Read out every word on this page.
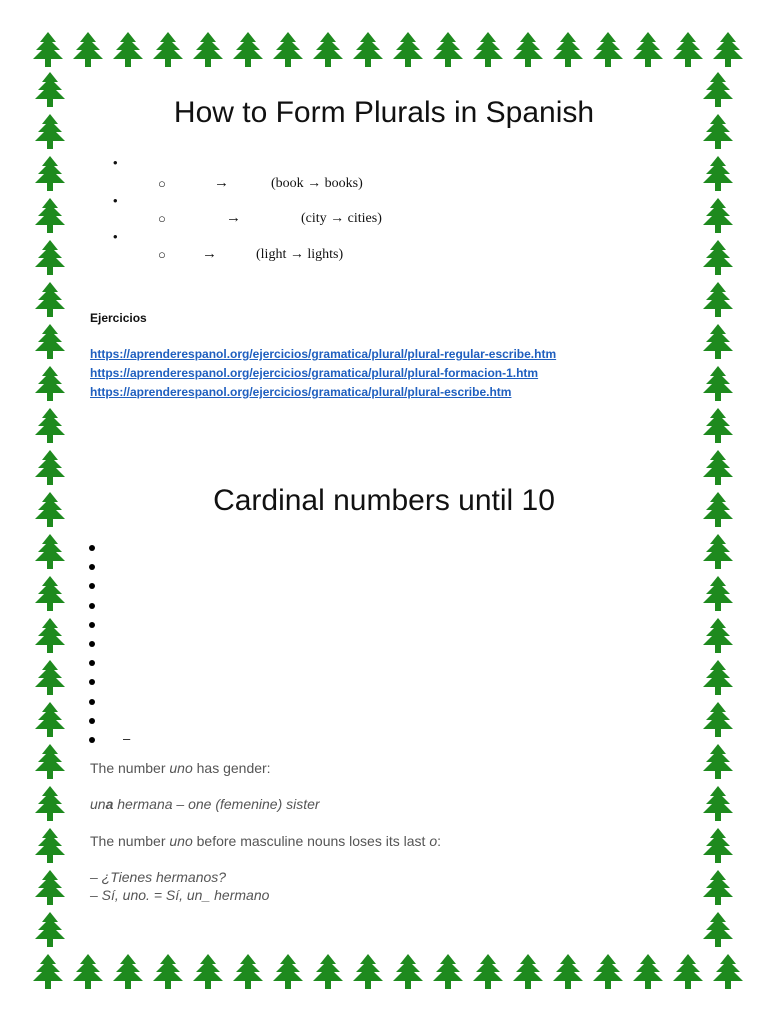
How to Form Plurals in Spanish
•
○	→	(book → books)
•
○	→	(city → cities)
•
○ →	(light → lights)
Ejercicios
https://aprenderespanol.org/ejercicios/gramatica/plural/plural-regular-escribe.htm
https://aprenderespanol.org/ejercicios/gramatica/plural/plural-formacion-1.htm
https://aprenderespanol.org/ejercicios/gramatica/plural/plural-escribe.htm
Cardinal numbers until 10
–
The number uno has gender:
una hermana – one (femenine) sister
The number uno before masculine nouns loses its last o:
– ¿Tienes hermanos?
– Sí, uno. = Sí, un_ hermano
